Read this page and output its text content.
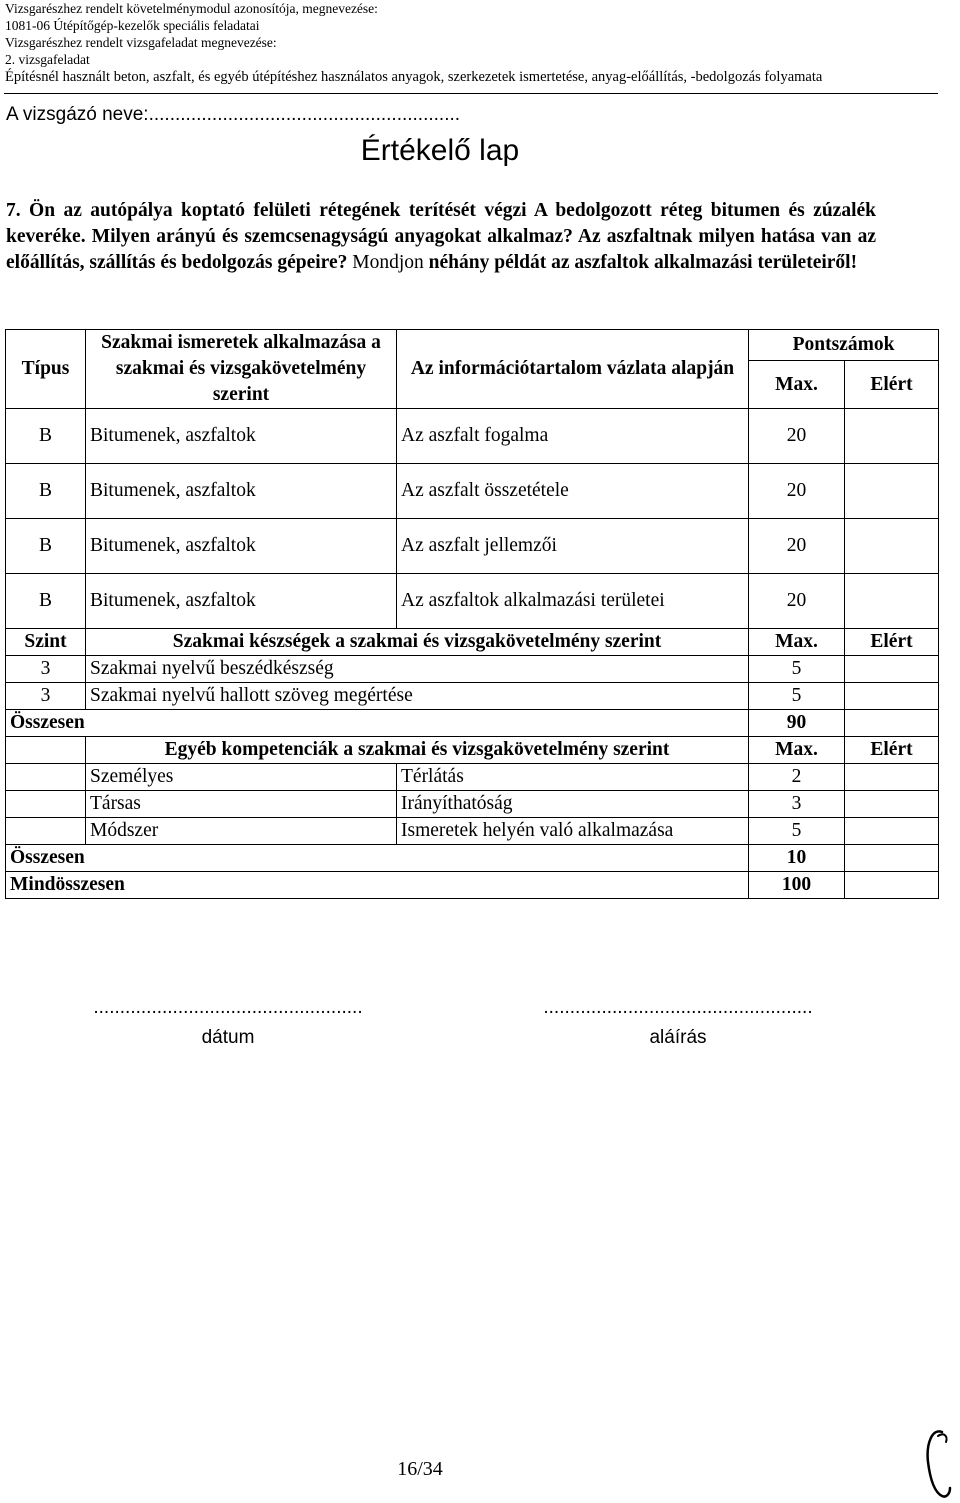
Vizsgarészhez rendelt követelménymodul azonosítója, megnevezése:
1081-06 Útépítőgép-kezelők speciális feladatai
Vizsgarészhez rendelt vizsgafeladat megnevezése:
2. vizsgafeladat
Építésnél használt beton, aszfalt, és egyéb útépítéshez használatos anyagok, szerkezetek ismertetése, anyag-előállítás, -bedolgozás folyamata
A vizsgázó neve:...........................................................
Értékelő lap
7. Ön az autópálya koptató felületi rétegének terítését végzi A bedolgozott réteg bitumen és zúzalék keveréke. Milyen arányú és szemcsenagyságú anyagokat alkalmaz? Az aszfaltnak milyen hatása van az előállítás, szállítás és bedolgozás gépeire? Mondjon néhány példát az aszfaltok alkalmazási területeiről!
Típus	Szakmai ismeretek alkalmazása a szakmai és vizsgakövetelmény szerint	Az információtartalom vázlata alapján	Pontszámok	
			Max.	Elért
B	Bitumenek, aszfaltok	Az aszfalt fogalma	20	
B	Bitumenek, aszfaltok	Az aszfalt összetétele	20	
B	Bitumenek, aszfaltok	Az aszfalt jellemzői	20	
B	Bitumenek, aszfaltok	Az aszfaltok alkalmazási területei	20	
Szint	Szakmai készségek a szakmai és vizsgakövetelmény szerint		Max.	Elért
3	Szakmai nyelvű beszédkészség		5	
3	Szakmai nyelvű hallott szöveg megértése		5	
Összesen			90	
	Egyéb kompetenciák a szakmai és vizsgakövetelmény szerint		Max.	Elért
	Személyes	Térlátás	2	
	Társas	Irányíthatóság	3	
	Módszer	Ismeretek helyén való alkalmazása	5	
Összesen			10	
Mindösszesen			100	
...................................................
dátum
...................................................
aláírás
16/34
